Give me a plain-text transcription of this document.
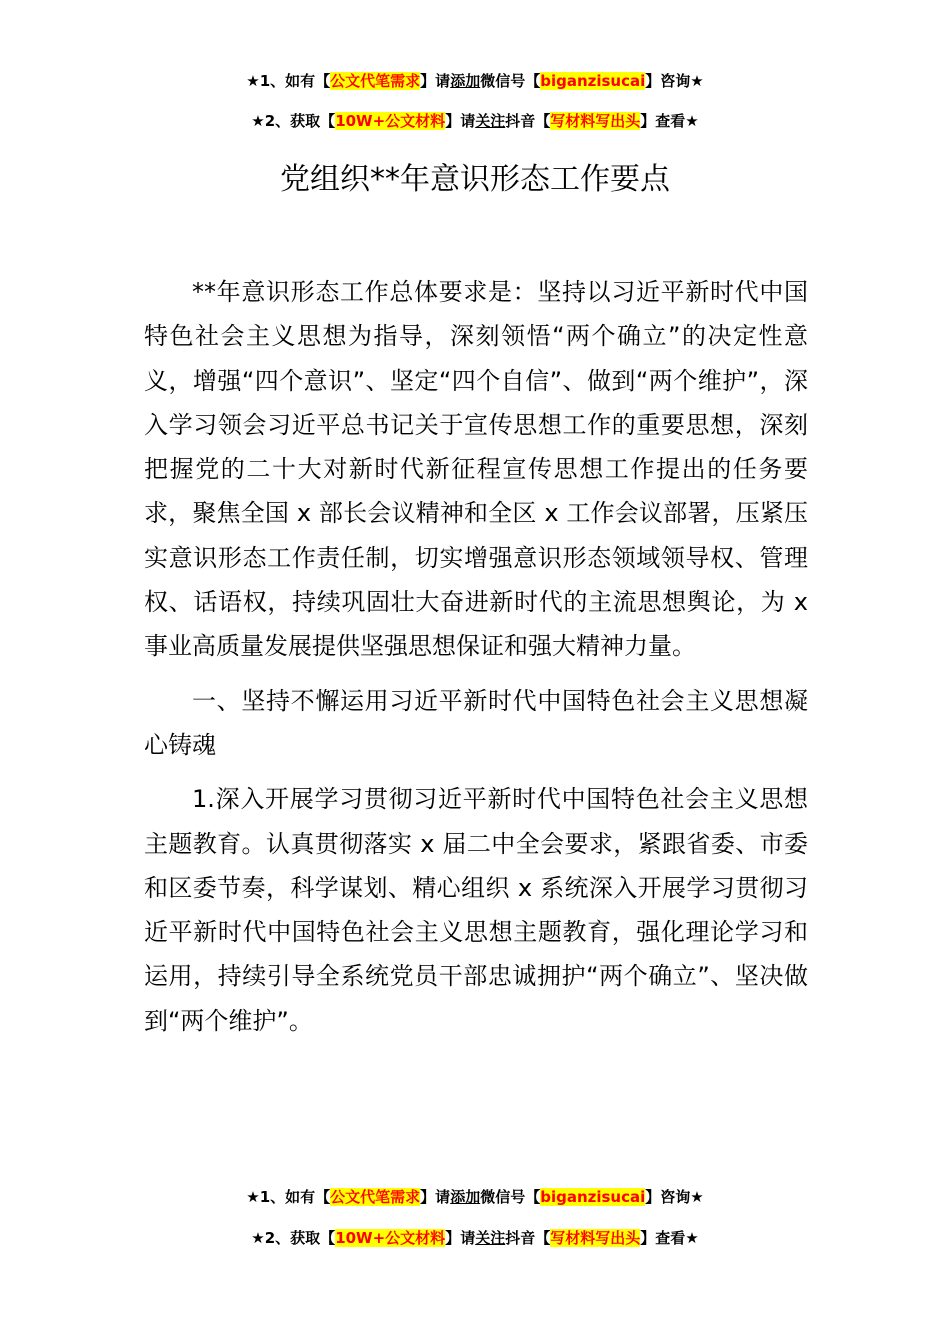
★1、如有【公文代笔需求】请添加微信号【biganzisucai】咨询★
★2、获取【10W+公文材料】请关注抖音【写材料写出头】查看★
党组织**年意识形态工作要点

**年意识形态工作总体要求是：坚持以习近平新时代中国特色社会主义思想为指导，深刻领悟“两个确立”的决定性意义，增强“四个意识”、坚定“四个自信”、做到“两个维护”，深入学习领会习近平总书记关于宣传思想工作的重要思想，深刻把握党的二十大对新时代新征程宣传思想工作提出的任务要求，聚焦全国 x 部长会议精神和全区 x 工作会议部署，压紧压实意识形态工作责任制，切实增强意识形态领域领导权、管理权、话语权，持续巩固壮大奋进新时代的主流思想舆论，为 x 事业高质量发展提供坚强思想保证和强大精神力量。

一、坚持不懈运用习近平新时代中国特色社会主义思想凝心铸魂

1.深入开展学习贯彻习近平新时代中国特色社会主义思想主题教育。认真贯彻落实 x 届二中全会要求，紧跟省委、市委和区委节奏，科学谋划、精心组织 x 系统深入开展学习贯彻习近平新时代中国特色社会主义思想主题教育，强化理论学习和运用，持续引导全系统党员干部忠诚拥护“两个确立”、坚决做到“两个维护”。

★1、如有【公文代笔需求】请添加微信号【biganzisucai】咨询★
★2、获取【10W+公文材料】请关注抖音【写材料写出头】查看★
